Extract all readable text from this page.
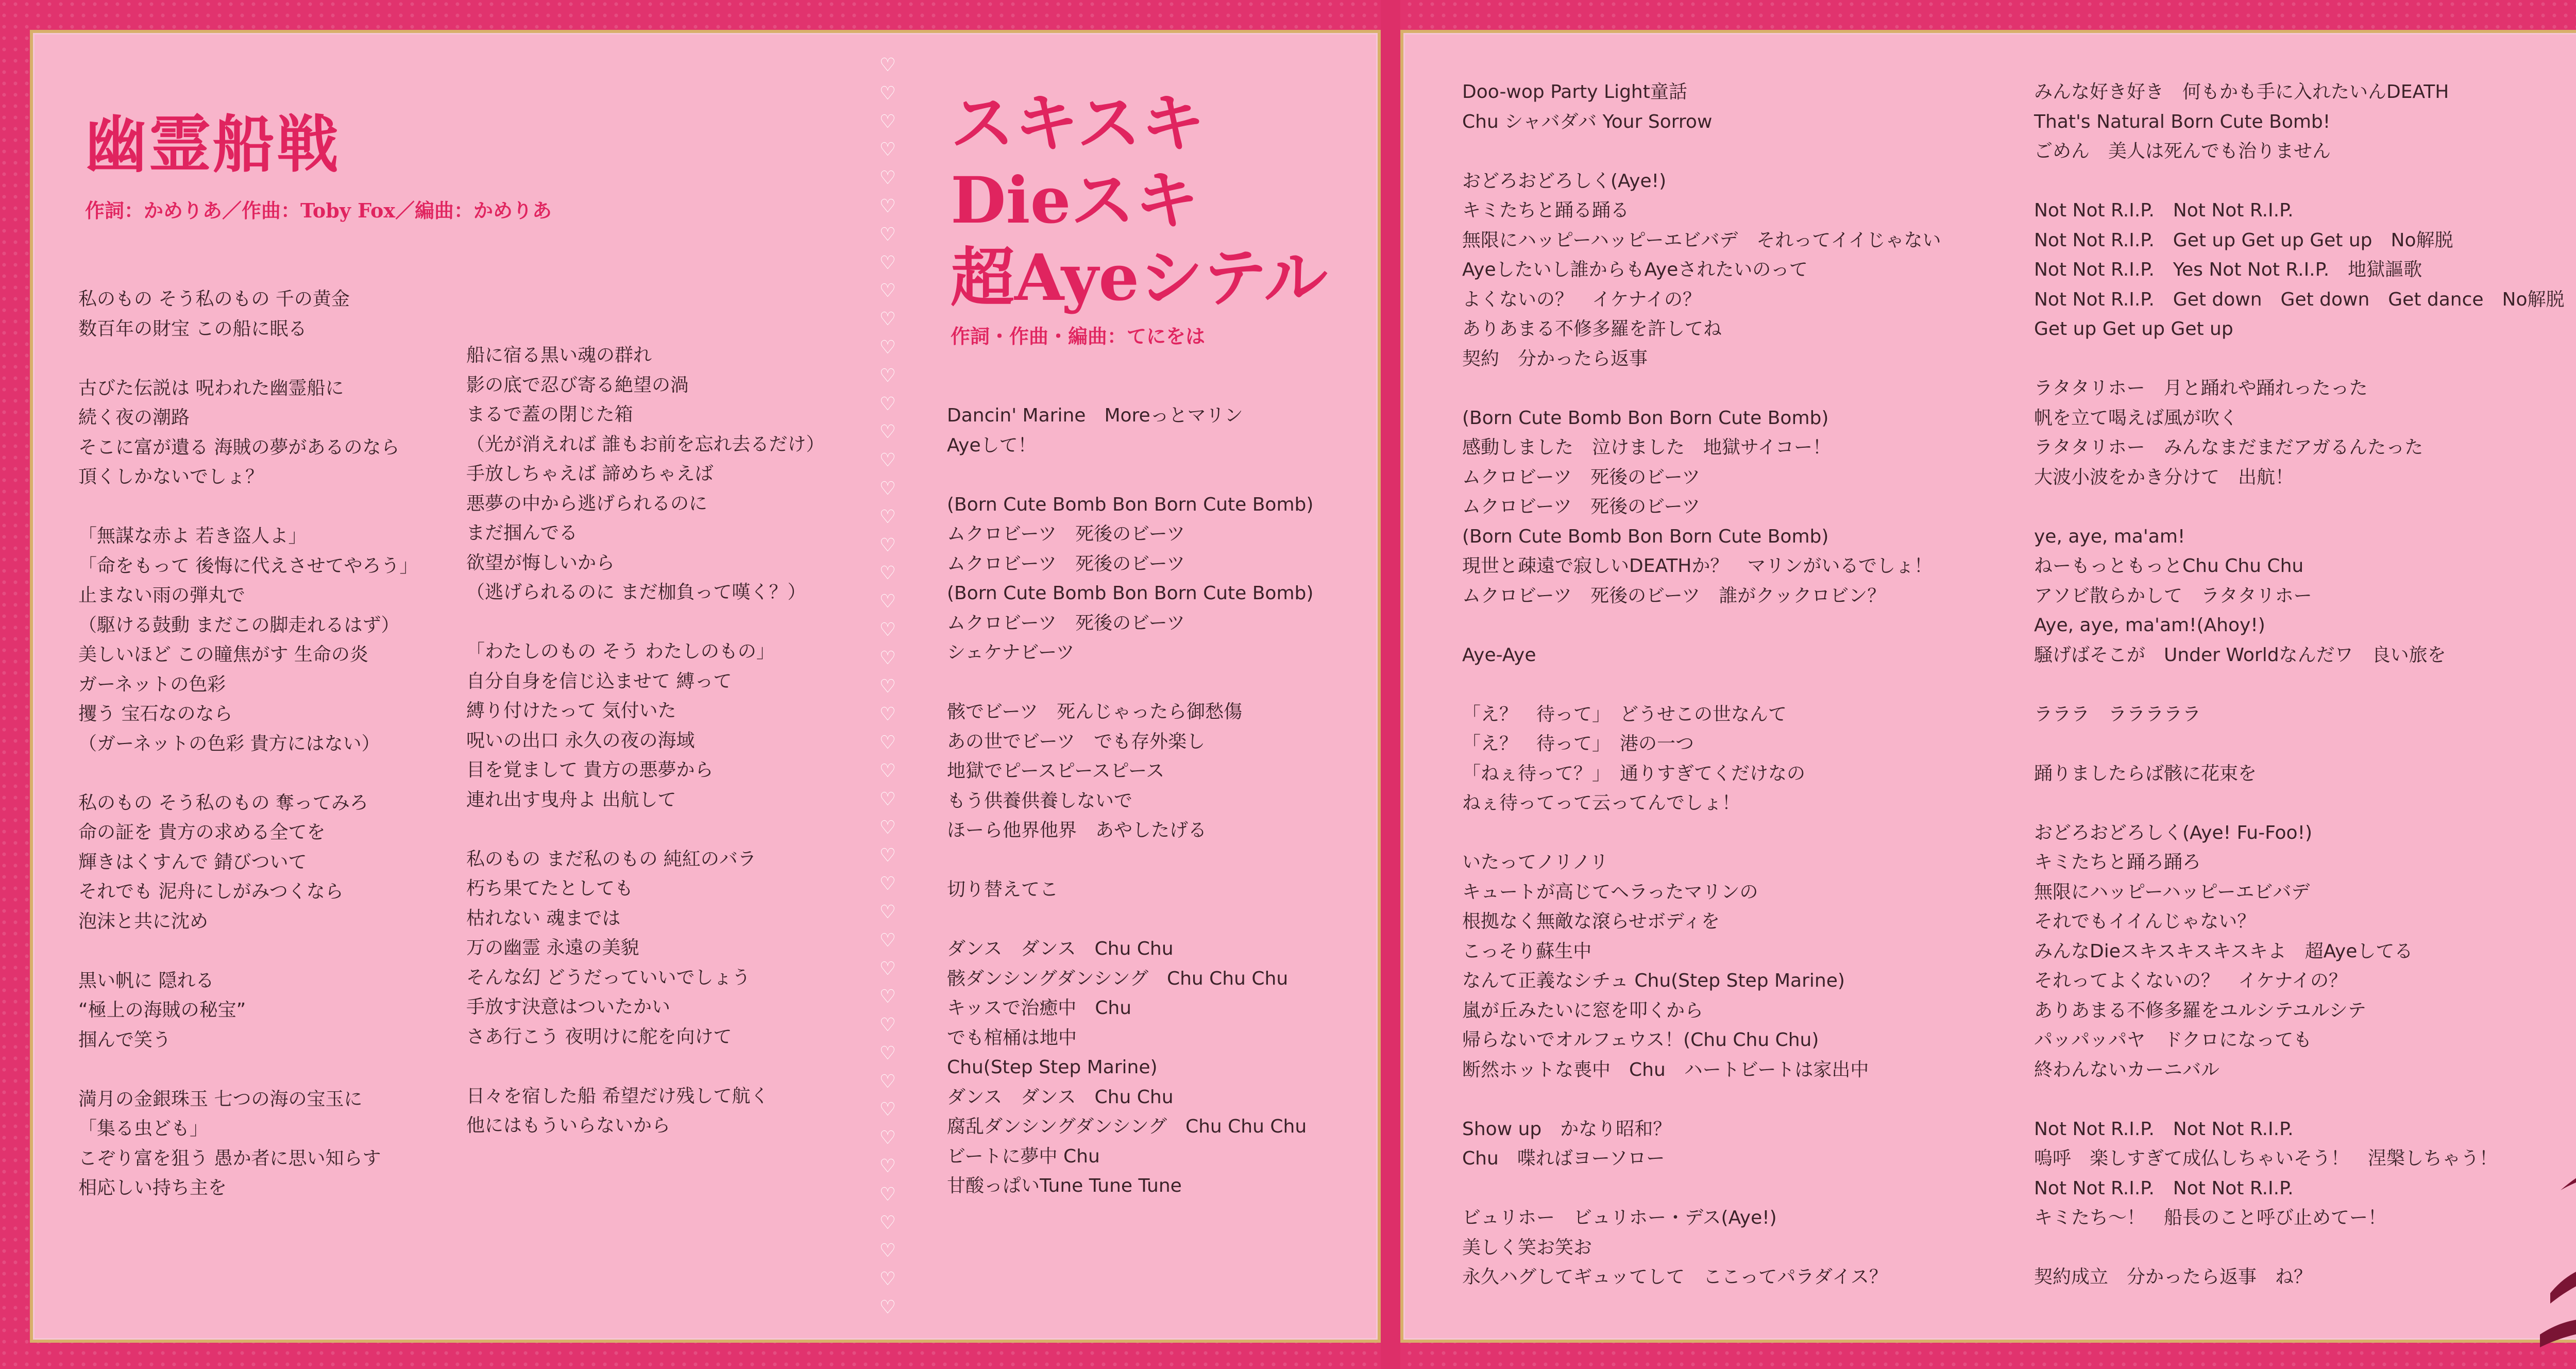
♡
♡
♡
♡
♡
♡
♡
♡
♡
♡
♡
♡
♡
♡
♡
♡
♡
♡
♡
♡
♡
♡
♡
♡
♡
♡
♡
♡
♡
♡
♡
♡
♡
♡
♡
♡
♡
♡
♡
♡
♡
♡
♡
♡
♡
幽霊船戦
作詞：かめりあ／作曲：Toby Fox／編曲：かめりあ
スキスキ
Dieスキ
超Ayeシテル
作詞・作曲・編曲：てにをは
私のもの そう私のもの 千の黄金
数百年の財宝 この船に眠る
古びた伝説は 呪われた幽霊船に
続く夜の潮路
そこに富が遺る 海賊の夢があるのなら
頂くしかないでしょ？
「無謀な赤よ 若き盗人よ」
「命をもって 後悔に代えさせてやろう」
止まない雨の弾丸で
（駆ける鼓動 まだこの脚走れるはず）
美しいほど この瞳焦がす 生命の炎
ガーネットの色彩
攫う 宝石なのなら
（ガーネットの色彩 貴方にはない）
私のもの そう私のもの 奪ってみろ
命の証を 貴方の求める全てを
輝きはくすんで 錆びついて
それでも 泥舟にしがみつくなら
泡沫と共に沈め
黒い帆に 隠れる
“極上の海賊の秘宝”
掴んで笑う
満月の金銀珠玉 七つの海の宝玉に
「集る虫ども」
こぞり富を狙う 愚か者に思い知らす
相応しい持ち主を
船に宿る黒い魂の群れ
影の底で忍び寄る絶望の渦
まるで蓋の閉じた箱
（光が消えれば 誰もお前を忘れ去るだけ）
手放しちゃえば 諦めちゃえば
悪夢の中から逃げられるのに
まだ掴んでる
欲望が悔しいから
（逃げられるのに まだ枷負って嘆く？）
「わたしのもの そう わたしのもの」
自分自身を信じ込ませて 縛って
縛り付けたって 気付いた
呪いの出口 永久の夜の海域
目を覚まして 貴方の悪夢から
連れ出す曳舟よ 出航して
私のもの まだ私のもの 純紅のバラ
朽ち果てたとしても
枯れない 魂までは
万の幽霊 永遠の美貌
そんな幻 どうだっていいでしょう
手放す決意はついたかい
さあ行こう 夜明けに舵を向けて
日々を宿した船 希望だけ残して航く
他にはもういらないから
Dancin' Marine　Moreっとマリン
Ayeして！
(Born Cute Bomb Bon Born Cute Bomb)
ムクロビーツ　死後のビーツ
ムクロビーツ　死後のビーツ
(Born Cute Bomb Bon Born Cute Bomb)
ムクロビーツ　死後のビーツ
シェケナビーツ
骸でビーツ　死んじゃったら御愁傷
あの世でビーツ　でも存外楽し
地獄でピースピースピース
もう供養供養しないで
ほーら他界他界　あやしたげる
切り替えてこ
ダンス　ダンス　Chu Chu
骸ダンシングダンシング　Chu Chu Chu
キッスで治癒中　Chu
でも棺桶は地中
Chu(Step Step Marine)
ダンス　ダンス　Chu Chu
腐乱ダンシングダンシング　Chu Chu Chu
ビートに夢中 Chu
甘酸っぱいTune Tune Tune
Doo-wop Party Light童話
Chu シャバダバ Your Sorrow
おどろおどろしく(Aye!)
キミたちと踊る踊る
無限にハッピーハッピーエビバデ　それってイイじゃない
Ayeしたいし誰からもAyeされたいのって
よくないの？　イケナイの？
ありあまる不修多羅を許してね
契約　分かったら返事
(Born Cute Bomb Bon Born Cute Bomb)
感動しました　泣けました　地獄サイコー！
ムクロビーツ　死後のビーツ
ムクロビーツ　死後のビーツ
(Born Cute Bomb Bon Born Cute Bomb)
現世と疎遠で寂しいDEATHか？　マリンがいるでしょ！
ムクロビーツ　死後のビーツ　誰がクックロビン？
Aye-Aye
「え？　待って」　どうせこの世なんて
「え？　待って」　港の一つ
「ねぇ待って？」　通りすぎてくだけなの
ねぇ待ってって云ってんでしょ！
いたってノリノリ
キュートが高じてヘラったマリンの
根拠なく無敵な滾らせボディを
こっそり蘇生中
なんて正義なシチュ Chu(Step Step Marine)
嵐が丘みたいに窓を叩くから
帰らないでオルフェウス！(Chu Chu Chu)
断然ホットな喪中　Chu　ハートビートは家出中
Show up　かなり昭和？
Chu　喋ればヨーソロー
ビュリホー　ビュリホー・デス(Aye!)
美しく笑お笑お
永久ハグしてギュッてして　ここってパラダイス？
みんな好き好き　何もかも手に入れたいんDEATH
That's Natural Born Cute Bomb!
ごめん　美人は死んでも治りません
Not Not R.I.P.　Not Not R.I.P.
Not Not R.I.P.　Get up Get up Get up　No解脱
Not Not R.I.P.　Yes Not Not R.I.P.　地獄謳歌
Not Not R.I.P.　Get down　Get down　Get dance　No解脱
Get up Get up Get up
ラタタリホー　月と踊れや踊れったった
帆を立て喝えば風が吹く
ラタタリホー　みんなまだまだアガるんたった
大波小波をかき分けて　出航！
ye, aye, ma'am!
ねーもっともっとChu Chu Chu
アソビ散らかして　ラタタリホー
Aye, aye, ma'am!(Ahoy!)
騒げばそこが　Under Worldなんだワ　良い旅を
ラララ　ラララララ
踊りましたらば骸に花束を
おどろおどろしく(Aye! Fu-Foo!)
キミたちと踊ろ踊ろ
無限にハッピーハッピーエビバデ
それでもイイんじゃない？
みんなDieスキスキスキスキよ　超Ayeしてる
それってよくないの？　イケナイの？
ありあまる不修多羅をユルシテユルシテ
パッパッパヤ　ドクロになっても
終わんないカーニバル
Not Not R.I.P.　Not Not R.I.P.
嗚呼　楽しすぎて成仏しちゃいそう！　涅槃しちゃう！
Not Not R.I.P.　Not Not R.I.P.
キミたち～！　船長のこと呼び止めてー！
契約成立　分かったら返事　ね？
